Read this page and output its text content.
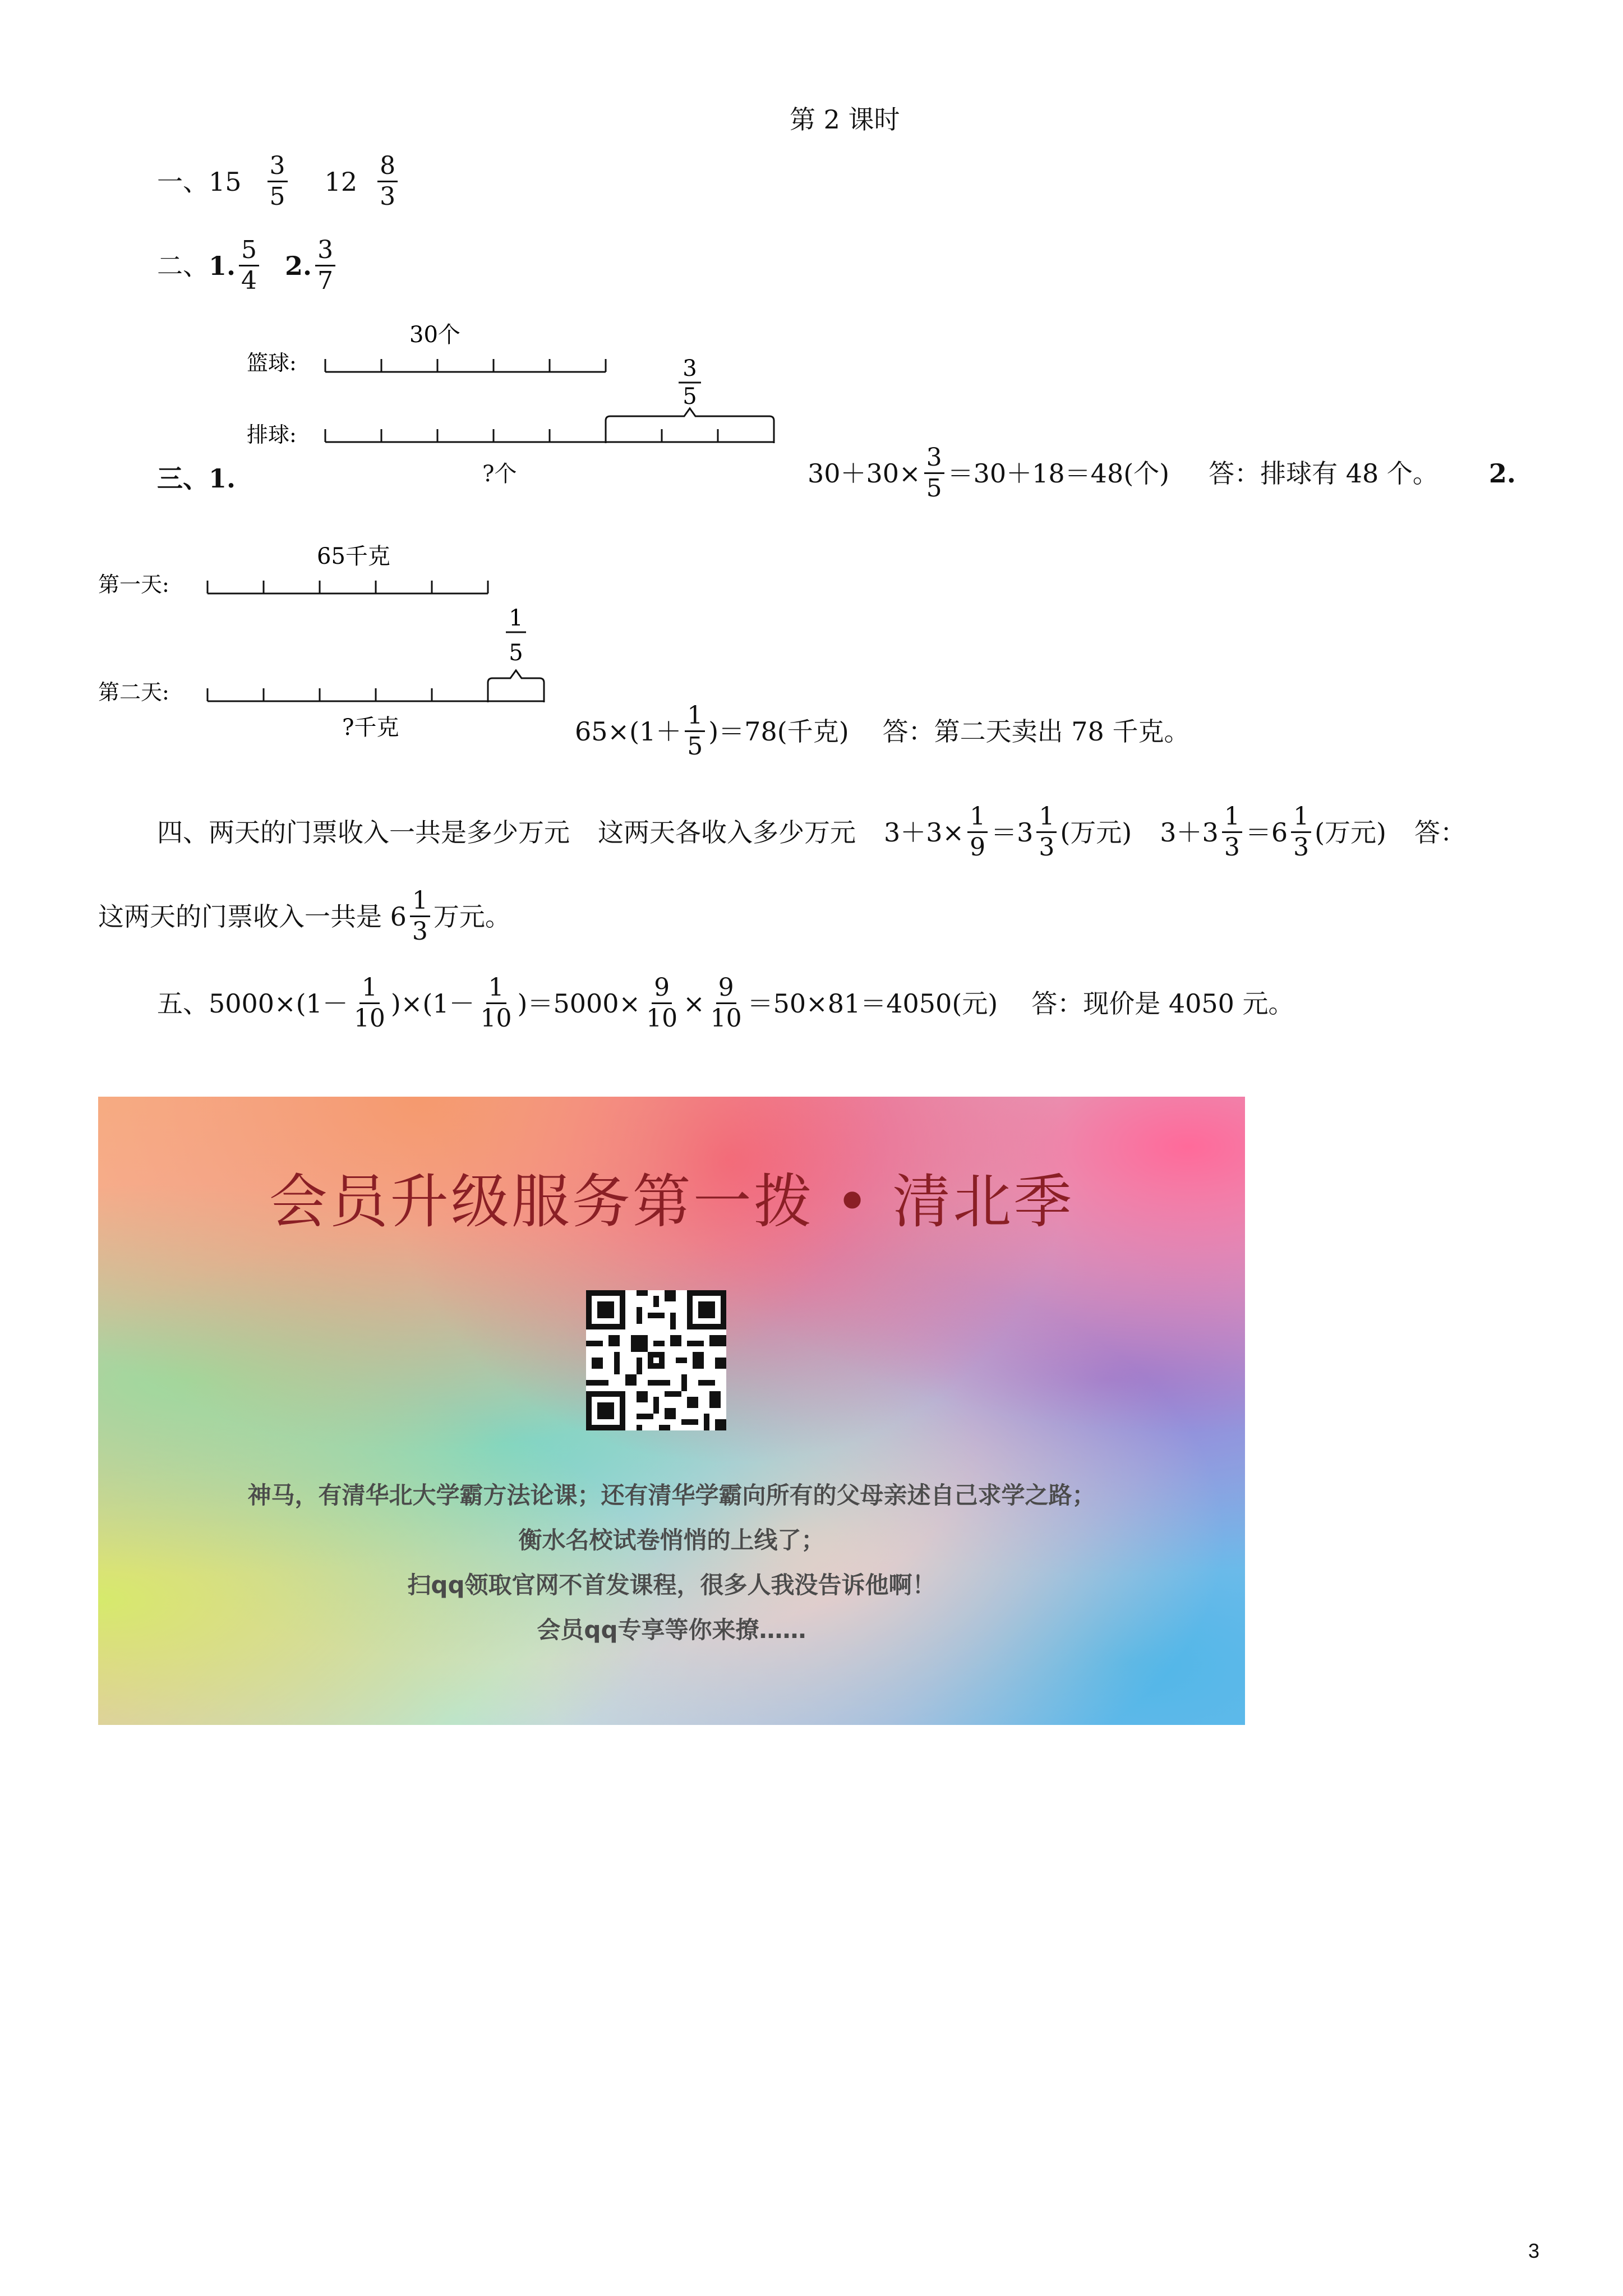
第 2 课时
一、 $15 \frac{3}{5} 12 \frac{8}{3}$
二、 1. $\frac{5}{4} 2$. $\frac{3}{7}$
篮球:
排球:
30个
3
5
三、1.	?个	$30+30\times \frac{3}{5} =30+18=48$(个) 答：排球有 48 个。 2.
第一天:
第二天:
65千克
1
5
?千克	$65\times(1+ \frac{1}{5} )=78$(千克) 答：第二天卖出 78 千克。
四、 两天的门票收入一共是多少万元 这两天各收入多少万元 $3+3\times \frac{1}{9} =3 \frac{1}{3}$ (万元) $3+3 \frac{1}{3} =6 \frac{1}{3}$ (万元) 答：
这两天的门票收入一共是 $6 \frac{1}{3}$ 万元。
五、 $5000\times(1- \frac{1}{10} )\times(1- \frac{1}{10} )=5000\times \frac{9}{10} \times \frac{9}{10} =50\times 81=4050$(元) 答：现价是 4050 元。
会员升级服务第一拨 • 清北季
神马，有清华北大学霸方法论课；还有清华学霸向所有的父母亲述自己求学之路；
衡水名校试卷悄悄的上线了；
扫qq领取官网不首发课程，很多人我没告诉他啊！
会员qq专享等你来撩……
3
